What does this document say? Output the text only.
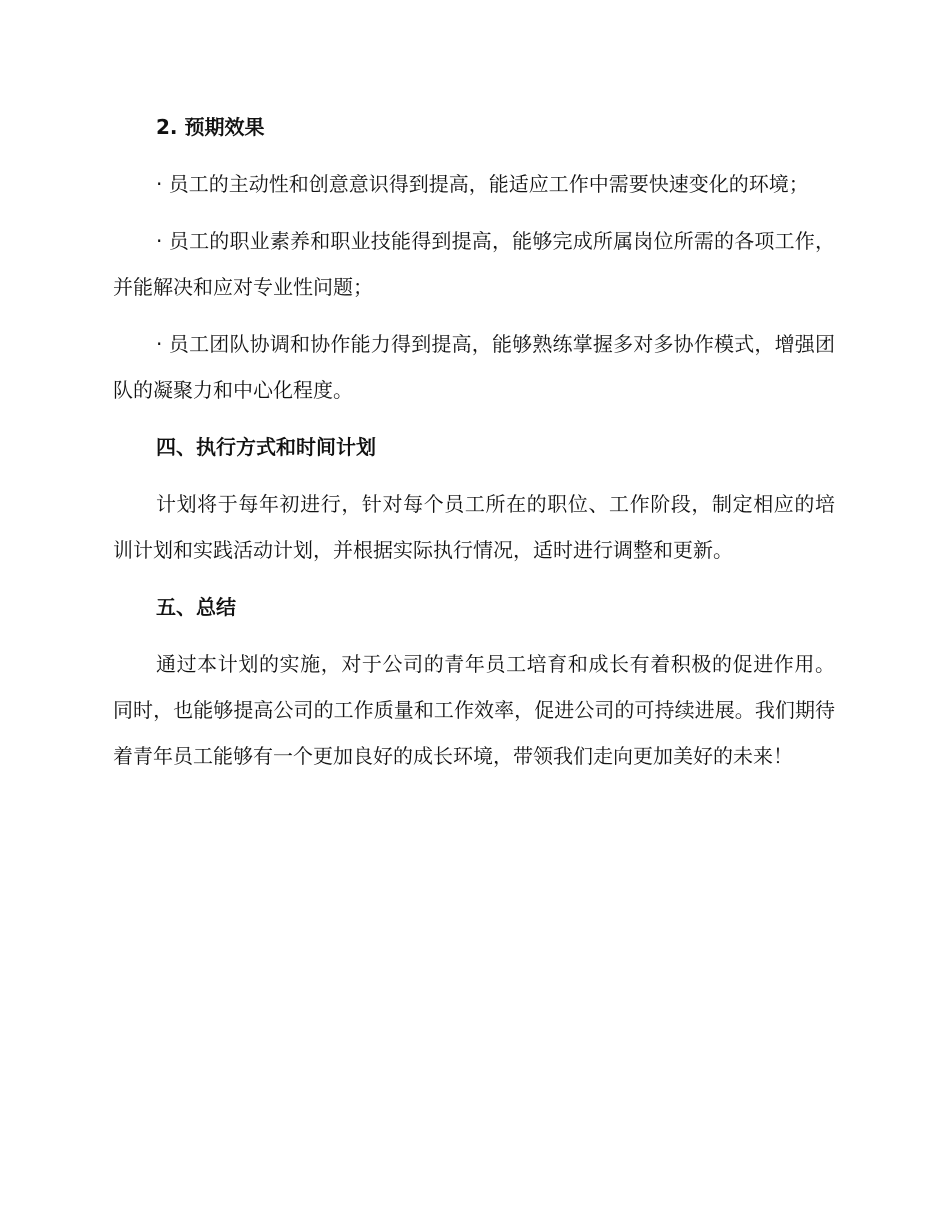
2. 预期效果
· 员工的主动性和创意意识得到提高，能适应工作中需要快速变化的环境；
· 员工的职业素养和职业技能得到提高，能够完成所属岗位所需的各项工作，并能解决和应对专业性问题；
· 员工团队协调和协作能力得到提高，能够熟练掌握多对多协作模式，增强团队的凝聚力和中心化程度。
四、执行方式和时间计划
计划将于每年初进行，针对每个员工所在的职位、工作阶段，制定相应的培训计划和实践活动计划，并根据实际执行情况，适时进行调整和更新。
五、总结
通过本计划的实施，对于公司的青年员工培育和成长有着积极的促进作用。同时，也能够提高公司的工作质量和工作效率，促进公司的可持续进展。我们期待着青年员工能够有一个更加良好的成长环境，带领我们走向更加美好的未来！
